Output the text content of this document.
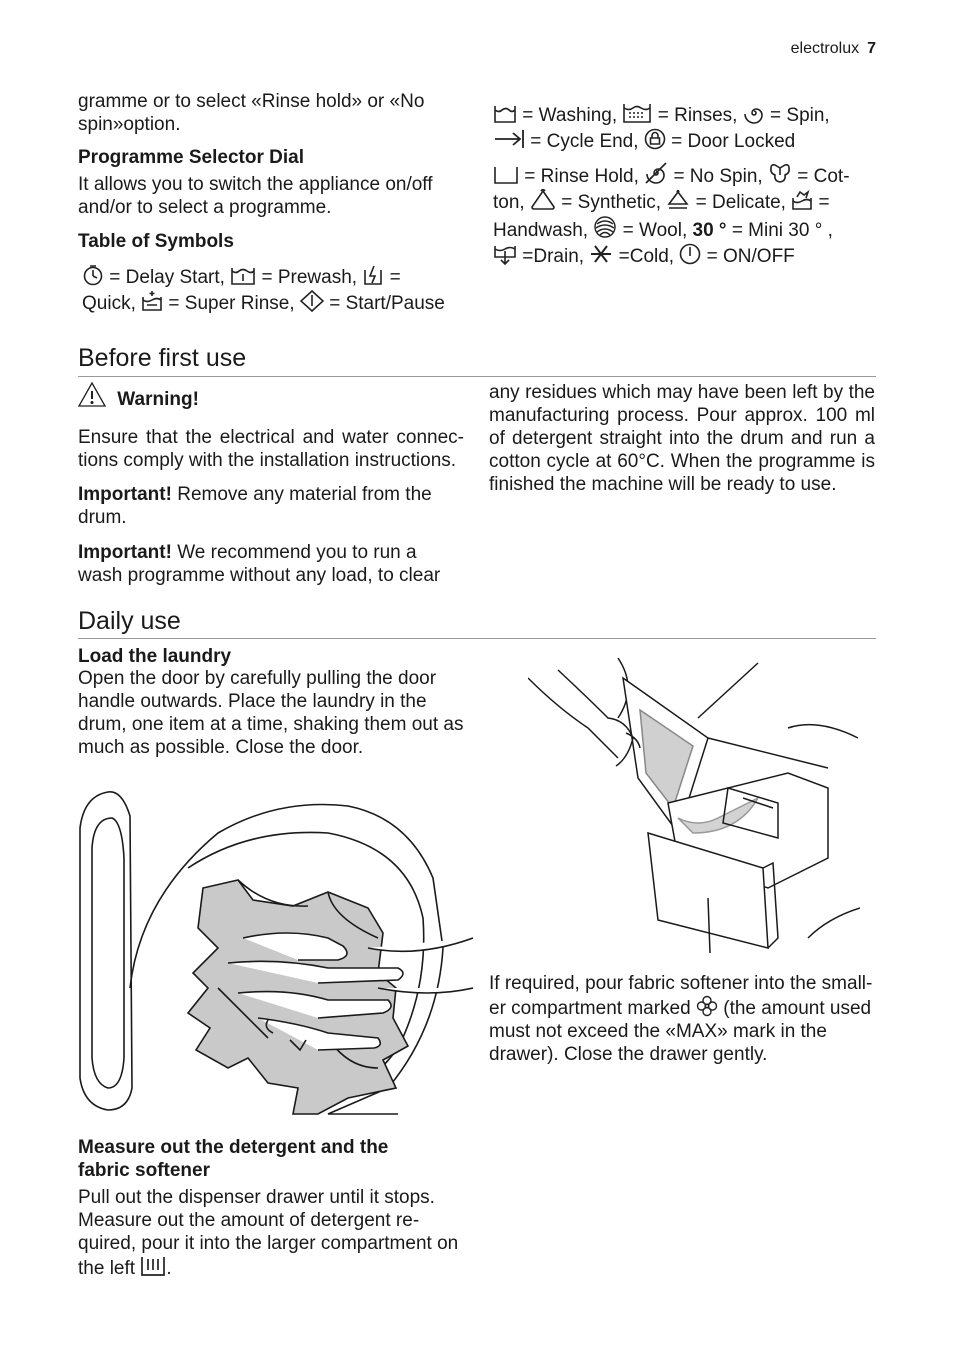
electrolux 7

gramme or to select «Rinse hold» or «No spin»option.

Programme Selector Dial

It allows you to switch the appliance on/off and/or to select a programme.

Table of Symbols

= Delay Start, = Prewash, =
Quick, = Super Rinse, = Start/Pause
= Washing, = Rinses, = Spin,

= Cycle End, = Door Locked
= Rinse Hold, = No Spin, = Cot-
ton, = Synthetic, = Delicate, =
Handwash, = Wool, 30 ° = Mini 30 ° ,

=Drain, =Cold, = ON/OFF
Before first use
Warning!

Ensure that the electrical and water connec-tions comply with the installation instructions.

Important! Remove any material from the drum.

Important! We recommend you to run a wash programme without any load, to clear

any residues which may have been left by the manufacturing process. Pour approx. 100 ml of detergent straight into the drum and run a cotton cycle at 60°C. When the programme is finished the machine will be ready to use.

Daily use

Load the laundry

Open the door by carefully pulling the door handle outwards. Place the laundry in the drum, one item at a time, shaking them out as much as possible. Close the door.

If required, pour fabric softener into the small-er compartment marked (the amount used must not exceed the «MAX» mark in the drawer). Close the drawer gently.

Measure out the detergent and the fabric softener

Pull out the dispenser drawer until it stops. Measure out the amount of detergent re-quired, pour it into the larger compartment on the left .
